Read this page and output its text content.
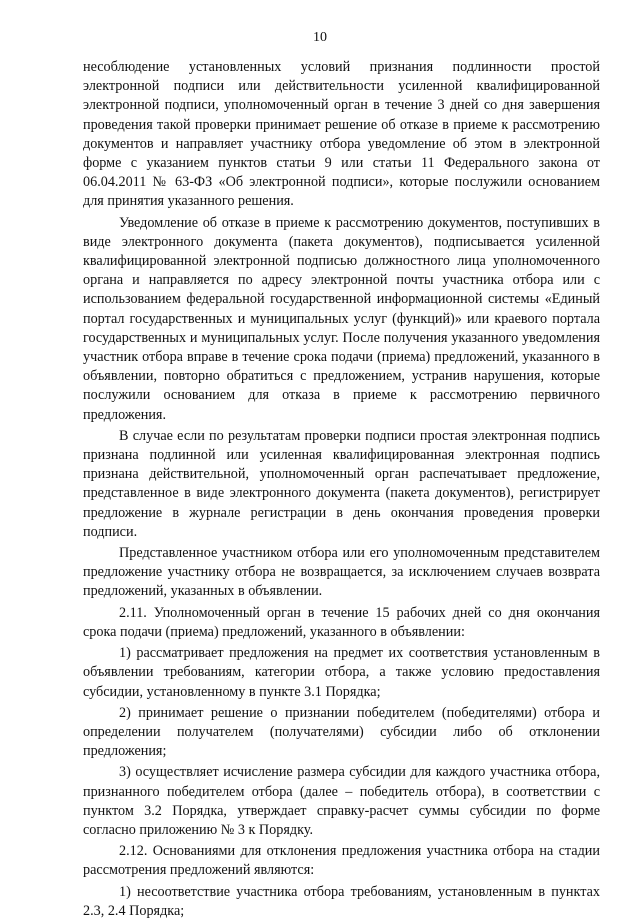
10

несоблюдение установленных условий признания подлинности простой электронной подписи или действительности усиленной квалифицированной электронной подписи, уполномоченный орган в течение 3 дней со дня завершения проведения такой проверки принимает решение об отказе в приеме к рассмотрению документов и направляет участнику отбора уведомление об этом в электронной форме с указанием пунктов статьи 9 или статьи 11 Федерального закона от 06.04.2011 № 63-ФЗ «Об электронной подписи», которые послужили основанием для принятия указанного решения.

Уведомление об отказе в приеме к рассмотрению документов, поступивших в виде электронного документа (пакета документов), подписывается усиленной квалифицированной электронной подписью должностного лица уполномоченного органа и направляется по адресу электронной почты участника отбора или с использованием федеральной государственной информационной системы «Единый портал государственных и муниципальных услуг (функций)» или краевого портала государственных и муниципальных услуг. После получения указанного уведомления участник отбора вправе в течение срока подачи (приема) предложений, указанного в объявлении, повторно обратиться с предложением, устранив нарушения, которые послужили основанием для отказа в приеме к рассмотрению первичного предложения.

В случае если по результатам проверки подписи простая электронная подпись признана подлинной или усиленная квалифицированная электронная подпись признана действительной, уполномоченный орган распечатывает предложение, представленное в виде электронного документа (пакета документов), регистрирует предложение в журнале регистрации в день окончания проведения проверки подписи.

Представленное участником отбора или его уполномоченным представителем предложение участнику отбора не возвращается, за исключением случаев возврата предложений, указанных в объявлении.

2.11. Уполномоченный орган в течение 15 рабочих дней со дня окончания срока подачи (приема) предложений, указанного в объявлении:

1) рассматривает предложения на предмет их соответствия установленным в объявлении требованиям, категории отбора, а также условию предоставления субсидии, установленному в пункте 3.1 Порядка;

2) принимает решение о признании победителем (победителями) отбора и определении получателем (получателями) субсидии либо об отклонении предложения;

3) осуществляет исчисление размера субсидии для каждого участника отбора, признанного победителем отбора (далее – победитель отбора), в соответствии с пунктом 3.2 Порядка, утверждает справку-расчет суммы субсидии по форме согласно приложению № 3 к Порядку.

2.12. Основаниями для отклонения предложения участника отбора на стадии рассмотрения предложений являются:

1) несоответствие участника отбора требованиям, установленным в пунктах 2.3, 2.4 Порядка;
